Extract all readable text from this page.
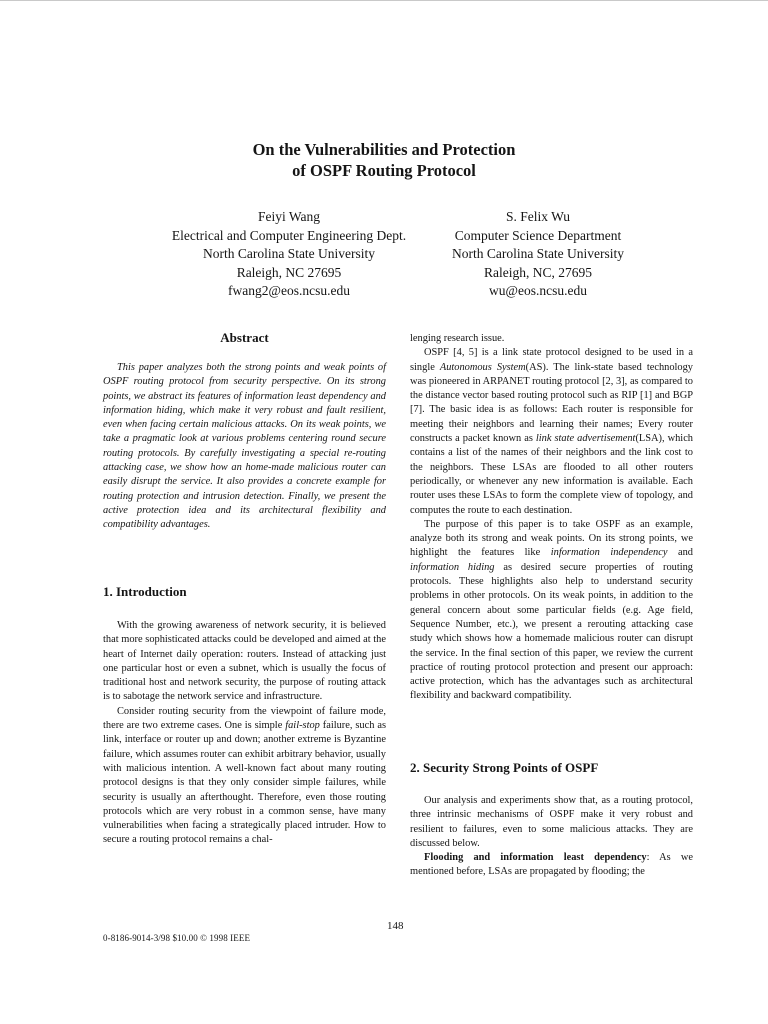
On the Vulnerabilities and Protection
of OSPF Routing Protocol
Feiyi Wang
Electrical and Computer Engineering Dept.
North Carolina State University
Raleigh, NC 27695
fwang2@eos.ncsu.edu
S. Felix Wu
Computer Science Department
North Carolina State University
Raleigh, NC, 27695
wu@eos.ncsu.edu
Abstract

This paper analyzes both the strong points and weak points of OSPF routing protocol from security perspective. On its strong points, we abstract its features of information least dependency and information hiding, which make it very robust and fault resilient, even when facing certain malicious attacks. On its weak points, we take a pragmatic look at various problems centering round secure routing protocols. By carefully investigating a special re-routing attacking case, we show how an home-made malicious router can easily disrupt the service. It also provides a concrete example for routing protection and intrusion detection. Finally, we present the active protection idea and its architectural flexibility and compatibility advantages.

1. Introduction

With the growing awareness of network security, it is believed that more sophisticated attacks could be developed and aimed at the heart of Internet daily operation: routers. Instead of attacking just one particular host or even a subnet, which is usually the focus of traditional host and network security, the purpose of routing attack is to sabotage the network service and infrastructure.

Consider routing security from the viewpoint of failure mode, there are two extreme cases. One is simple fail-stop failure, such as link, interface or router up and down; another extreme is Byzantine failure, which assumes router can exhibit arbitrary behavior, usually with malicious intention. A well-known fact about many routing protocol designs is that they only consider simple failures, while security is usually an afterthought. Therefore, even those routing protocols which are very robust in a common sense, have many vulnerabilities when facing a strategically placed intruder. How to secure a routing protocol remains a chal-

lenging research issue.

OSPF [4, 5] is a link state protocol designed to be used in a single Autonomous System(AS). The link-state based technology was pioneered in ARPANET routing protocol [2, 3], as compared to the distance vector based routing protocol such as RIP [1] and BGP [7]. The basic idea is as follows: Each router is responsible for meeting their neighbors and learning their names; Every router constructs a packet known as link state advertisement(LSA), which contains a list of the names of their neighbors and the link cost to the neighbors. These LSAs are flooded to all other routers periodically, or whenever any new information is available. Each router uses these LSAs to form the complete view of topology, and computes the route to each destination.

The purpose of this paper is to take OSPF as an example, analyze both its strong and weak points. On its strong points, we highlight the features like information independency and information hiding as desired secure properties of routing protocols. These highlights also help to understand security problems in other protocols. On its weak points, in addition to the general concern about some particular fields (e.g. Age field, Sequence Number, etc.), we present a rerouting attacking case study which shows how a homemade malicious router can disrupt the service. In the final section of this paper, we review the current practice of routing protocol protection and present our approach: active protection, which has the advantages such as architectural flexibility and backward compatibility.

2. Security Strong Points of OSPF

Our analysis and experiments show that, as a routing protocol, three intrinsic mechanisms of OSPF make it very robust and resilient to failures, even to some malicious attacks. They are discussed below.

Flooding and information least dependency: As we mentioned before, LSAs are propagated by flooding; the

148
0-8186-9014-3/98 $10.00 © 1998 IEEE
